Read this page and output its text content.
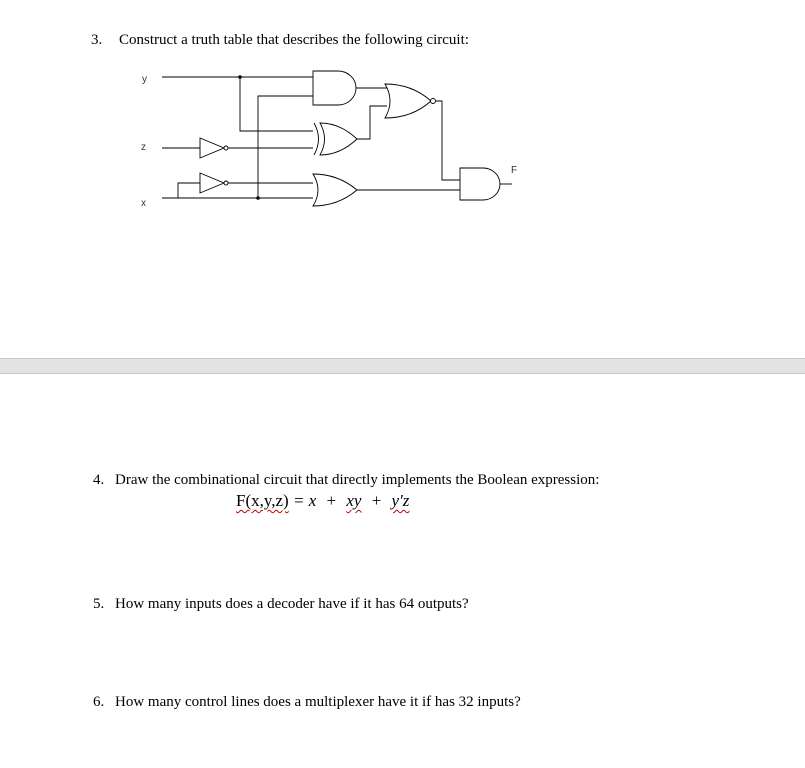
3. Construct a truth table that describes the following circuit:
y
z
x
F
4. Draw the combinational circuit that directly implements the Boolean expression:
F(x,y,z) = x + xy + y′z
5. How many inputs does a decoder have if it has 64 outputs?
6. How many control lines does a multiplexer have it if has 32 inputs?
